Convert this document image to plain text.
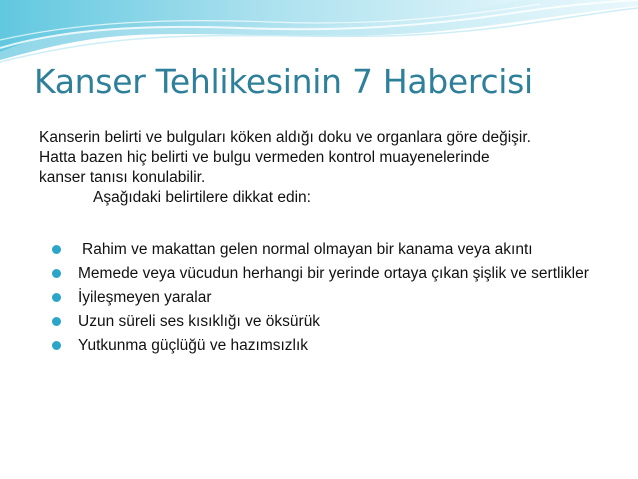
Kanser Tehlikesinin 7 Habercisi

Kanserin belirti ve bulguları köken aldığı doku ve organlara göre değişir.

Hatta bazen hiç belirti ve bulgu vermeden kontrol muayenelerinde

kanser tanısı konulabilir.

Aşağıdaki belirtilere dikkat edin:

Rahim ve makattan gelen normal olmayan bir kanama veya akıntı
Memede veya vücudun herhangi bir yerinde ortaya çıkan şişlik ve sertlikler
İyileşmeyen yaralar
Uzun süreli ses kısıklığı ve öksürük
Yutkunma güçlüğü ve hazımsızlık
